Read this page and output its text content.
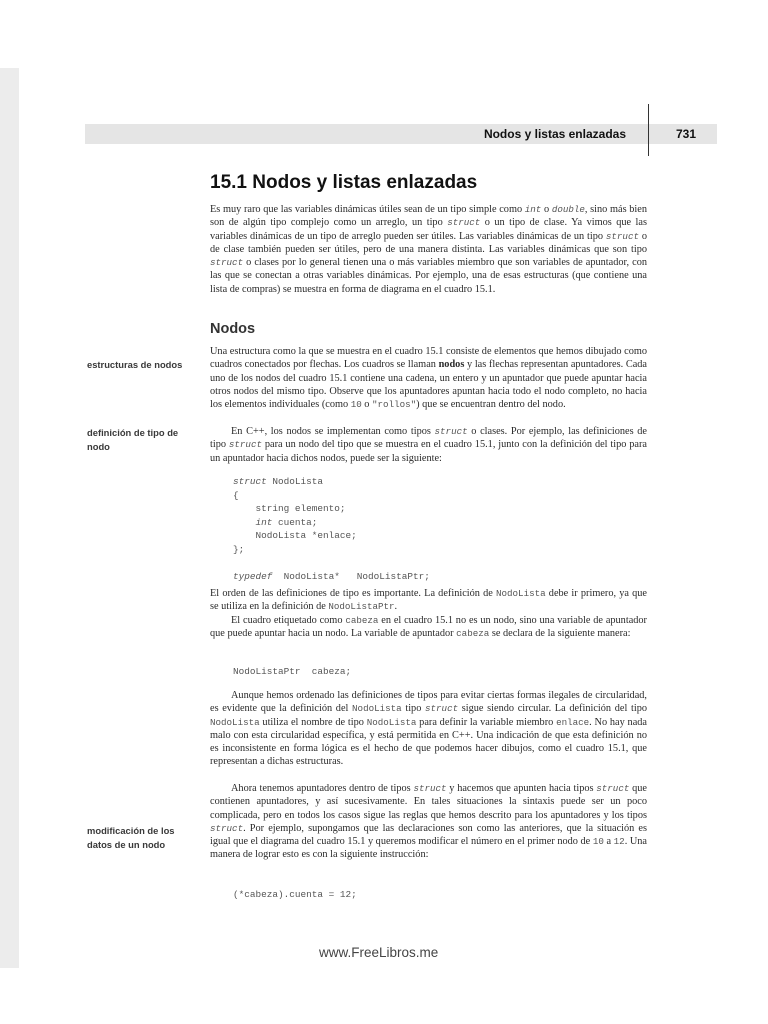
Nodos y listas enlazadas	731
15.1 Nodos y listas enlazadas

Es muy raro que las variables dinámicas útiles sean de un tipo simple como int o double, sino más bien son de algún tipo complejo como un arreglo, un tipo struct o un tipo de clase. Ya vimos que las variables dinámicas de un tipo de arreglo pueden ser útiles. Las variables dinámicas de un tipo struct o de clase también pueden ser útiles, pero de una manera distinta. Las variables dinámicas que son tipo struct o clases por lo general tienen una o más variables miembro que son variables de apuntador, con las que se conectan a otras variables dinámicas. Por ejemplo, una de esas estructuras (que contiene una lista de compras) se muestra en forma de diagrama en el cuadro 15.1.

Nodos
estructuras de nodos
definición de tipo de nodo
modificación de los datos de un nodo

Una estructura como la que se muestra en el cuadro 15.1 consiste de elementos que hemos dibujado como cuadros conectados por flechas. Los cuadros se llaman nodos y las flechas representan apuntadores. Cada uno de los nodos del cuadro 15.1 contiene una cadena, un entero y un apuntador que puede apuntar hacia otros nodos del mismo tipo. Observe que los apuntadores apuntan hacia todo el nodo completo, no hacia los elementos individuales (como 10 o "rollos") que se encuentran dentro del nodo.

En C++, los nodos se implementan como tipos struct o clases. Por ejemplo, las definiciones de tipo struct para un nodo del tipo que se muestra en el cuadro 15.1, junto con la definición del tipo para un apuntador hacia dichos nodos, puede ser la siguiente:

struct NodoLista
{
string elemento;
int cuenta;
NodoLista *enlace;
};

typedef  NodoLista*   NodoListaPtr;

El orden de las definiciones de tipo es importante. La definición de NodoLista debe ir primero, ya que se utiliza en la definición de NodoListaPtr.

El cuadro etiquetado como cabeza en el cuadro 15.1 no es un nodo, sino una variable de apuntador que puede apuntar hacia un nodo. La variable de apuntador cabeza se declara de la siguiente manera:

NodoListaPtr  cabeza;

Aunque hemos ordenado las definiciones de tipos para evitar ciertas formas ilegales de circularidad, es evidente que la definición del NodoLista tipo struct sigue siendo circular. La definición del tipo NodoLista utiliza el nombre de tipo NodoLista para definir la variable miembro enlace. No hay nada malo con esta circularidad específica, y está permitida en C++. Una indicación de que esta definición no es inconsistente en forma lógica es el hecho de que podemos hacer dibujos, como el cuadro 15.1, que representan a dichas estructuras.

Ahora tenemos apuntadores dentro de tipos struct y hacemos que apunten hacia tipos struct que contienen apuntadores, y así sucesivamente. En tales situaciones la sintaxis puede ser un poco complicada, pero en todos los casos sigue las reglas que hemos descrito para los apuntadores y los tipos struct. Por ejemplo, supongamos que las declaraciones son como las anteriores, que la situación es igual que el diagrama del cuadro 15.1 y queremos modificar el número en el primer nodo de 10 a 12. Una manera de lograr esto es con la siguiente instrucción:

(*cabeza).cuenta = 12;
www.FreeLibros.me
